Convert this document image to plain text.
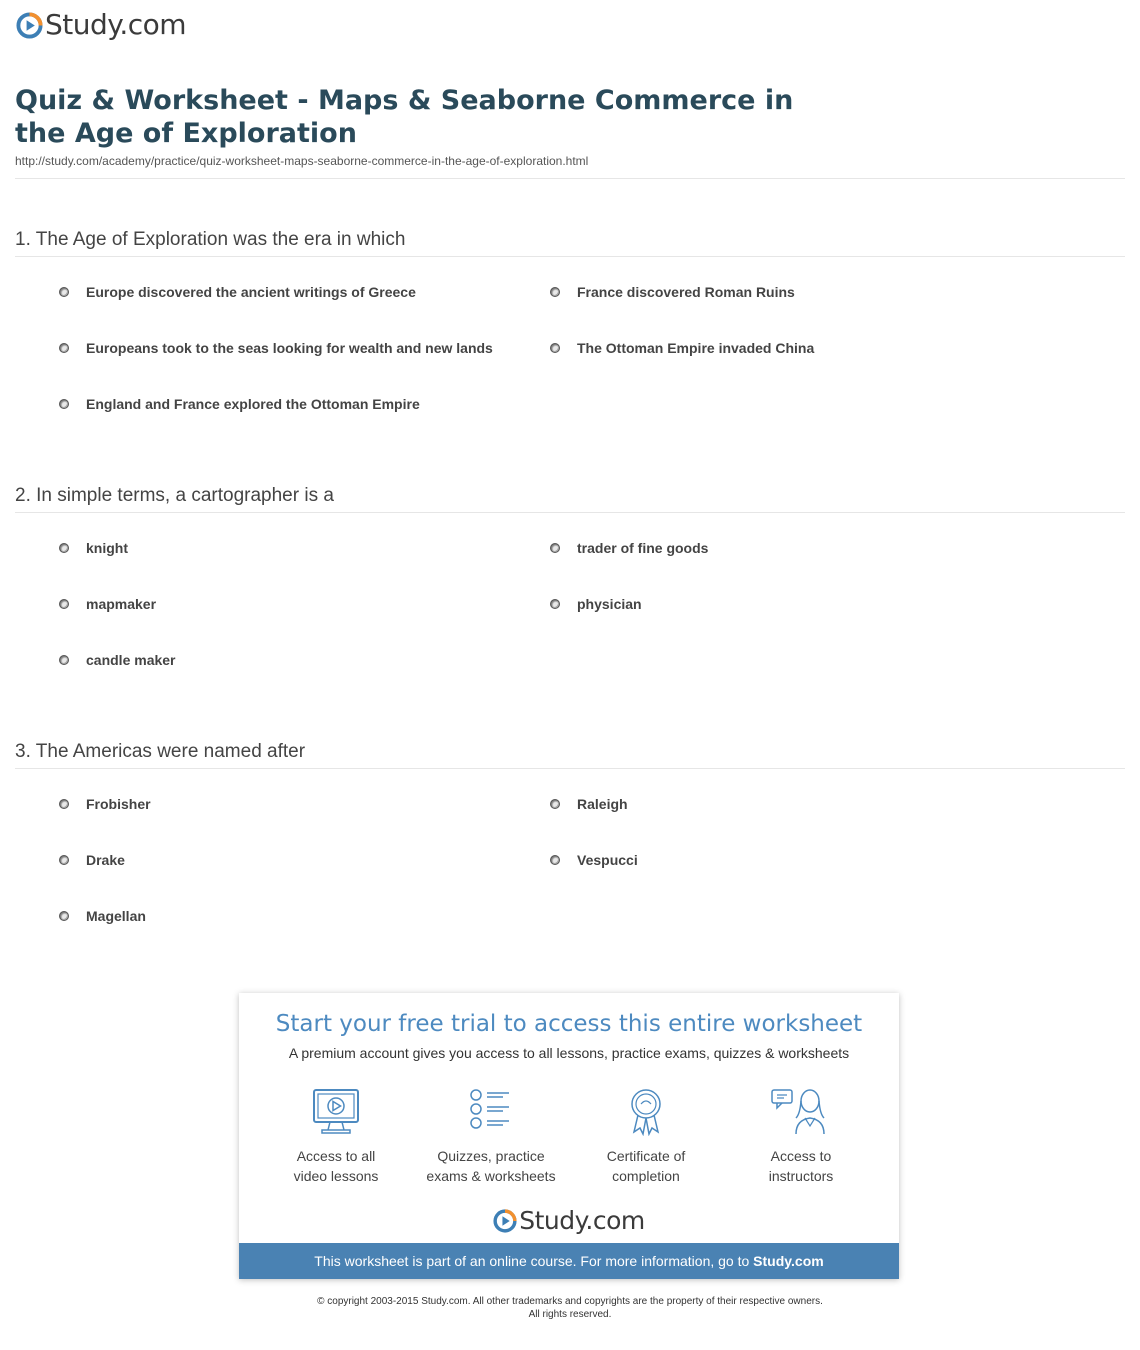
Study.com
Quiz & Worksheet - Maps & Seaborne Commerce in the Age of Exploration
http://study.com/academy/practice/quiz-worksheet-maps-seaborne-commerce-in-the-age-of-exploration.html
1. The Age of Exploration was the era in which
Europe discovered the ancient writings of Greece	France discovered Roman Ruins
Europeans took to the seas looking for wealth and new lands	The Ottoman Empire invaded China
England and France explored the Ottoman Empire
2. In simple terms, a cartographer is a
knight	trader of fine goods
mapmaker	physician
candle maker
3. The Americas were named after
Frobisher	Raleigh
Drake	Vespucci
Magellan
Start your free trial to access this entire worksheet
A premium account gives you access to all lessons, practice exams, quizzes & worksheets
Access to all
video lessons
Quizzes, practice
exams & worksheets
Certificate of
completion
Access to
instructors
Study.com
This worksheet is part of an online course. For more information, go to Study.com
© copyright 2003-2015 Study.com. All other trademarks and copyrights are the property of their respective owners.
All rights reserved.
